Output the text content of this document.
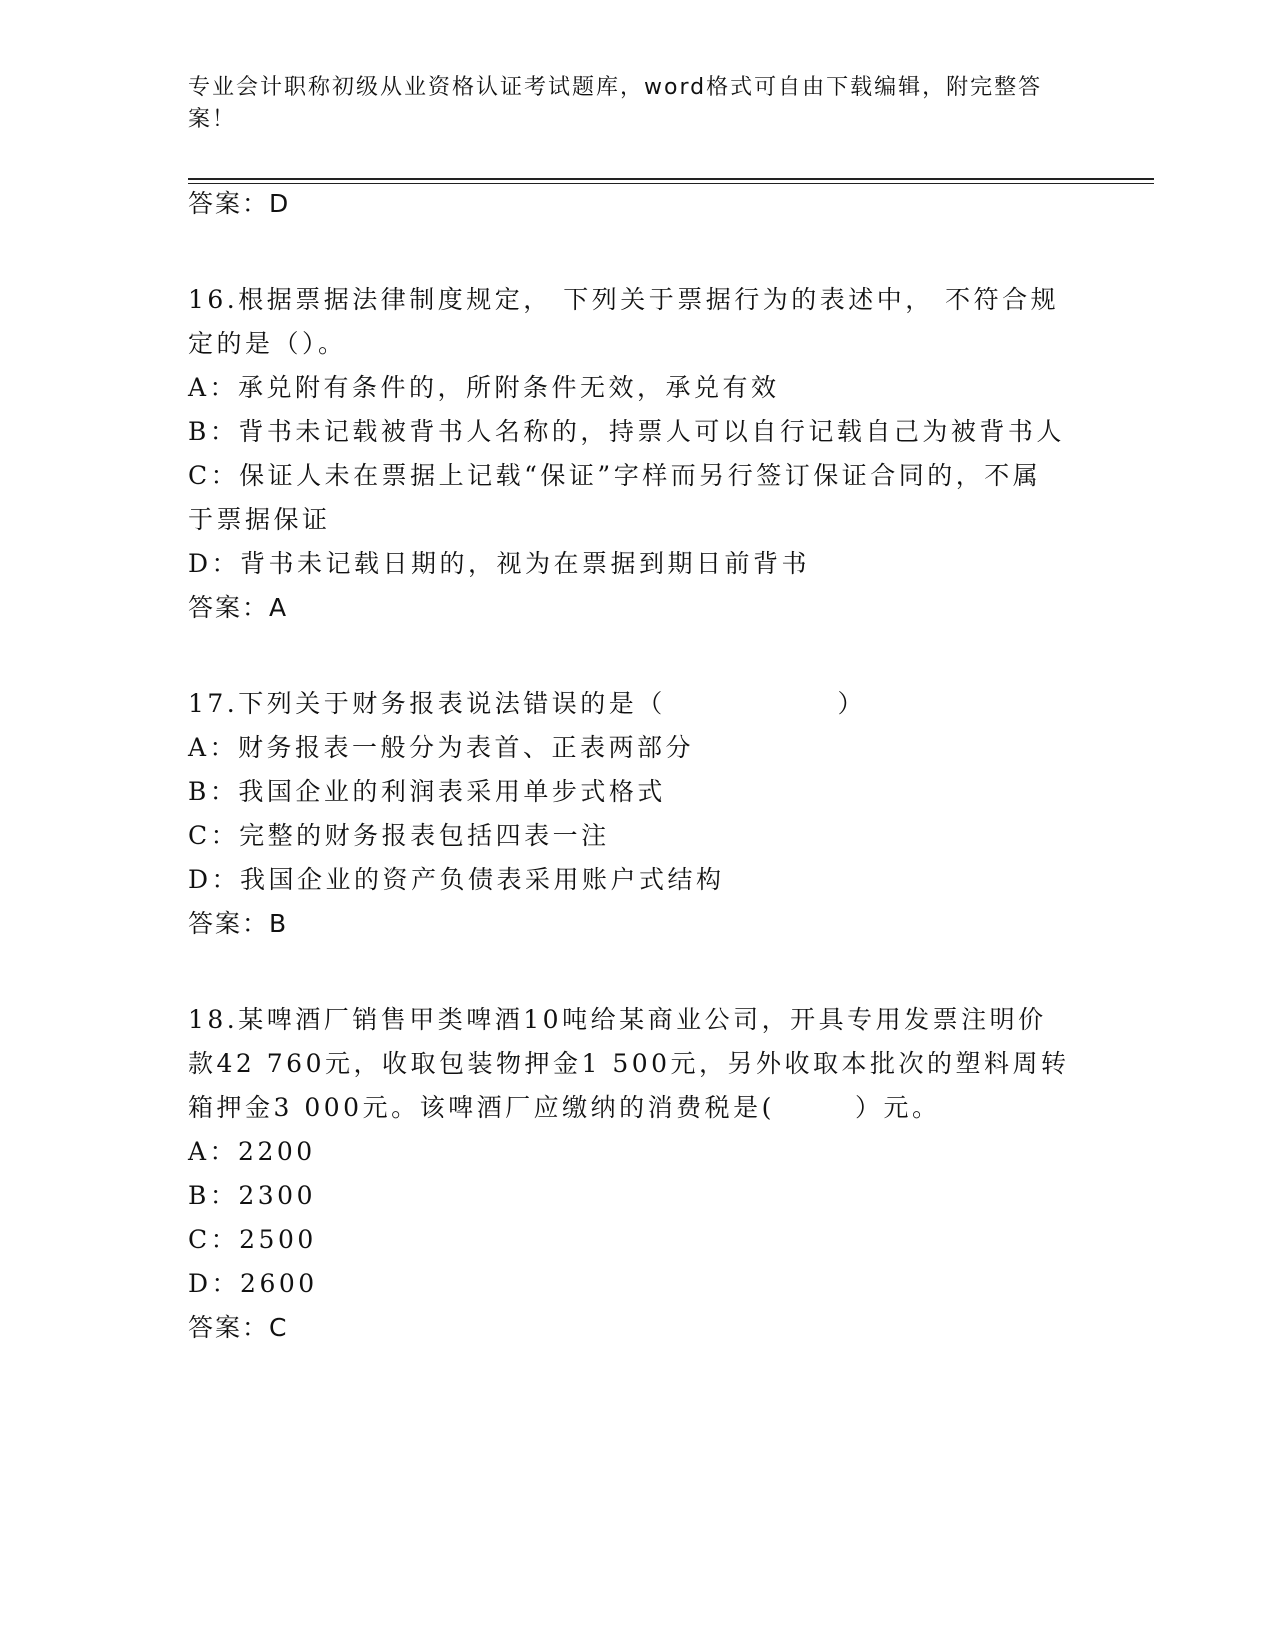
专业会计职称初级从业资格认证考试题库，word格式可自由下载编辑，附完整答案！
答案：D
16.根据票据法律制度规定， 下列关于票据行为的表述中， 不符合规
定的是（）。
A：承兑附有条件的，所附条件无效，承兑有效
B：背书未记载被背书人名称的，持票人可以自行记载自己为被背书人
C：保证人未在票据上记载“保证”字样而另行签订保证合同的，不属
于票据保证
D：背书未记载日期的，视为在票据到期日前背书
答案：A
17.下列关于财务报表说法错误的是（               ）
A：财务报表一般分为表首、正表两部分
B：我国企业的利润表采用单步式格式
C：完整的财务报表包括四表一注
D：我国企业的资产负债表采用账户式结构
答案：B
18.某啤酒厂销售甲类啤酒10吨给某商业公司，开具专用发票注明价
款42 760元，收取包装物押金1 500元，另外收取本批次的塑料周转
箱押金3 000元。该啤酒厂应缴纳的消费税是(       ）元。
A：2200
B：2300
C：2500
D：2600
答案：C
